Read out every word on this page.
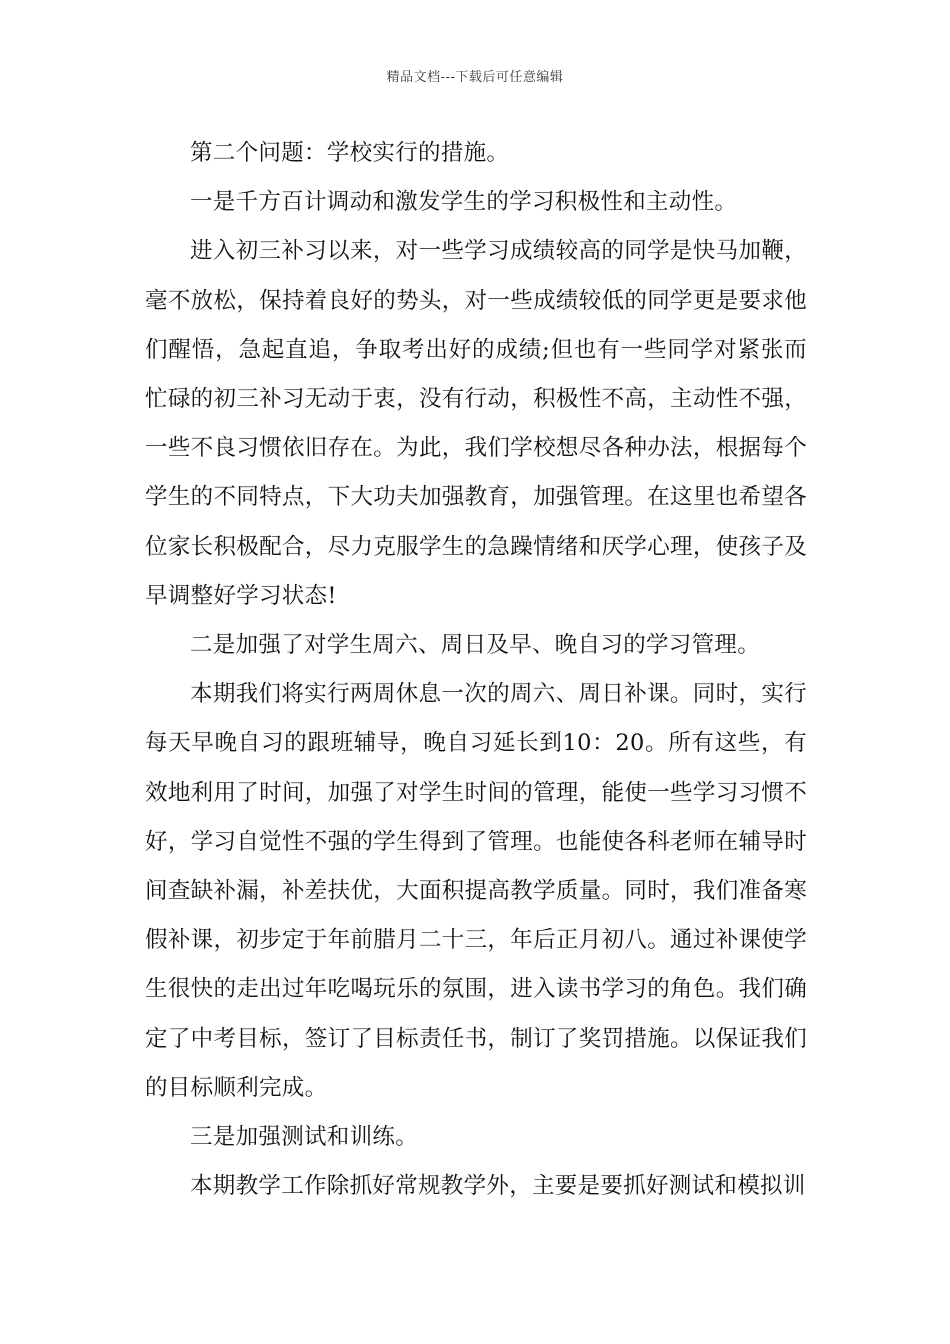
精品文档---下载后可任意编辑

第二个问题：学校实行的措施。

一是千方百计调动和激发学生的学习积极性和主动性。

进入初三补习以来，对一些学习成绩较高的同学是快马加鞭，毫不放松，保持着良好的势头，对一些成绩较低的同学更是要求他们醒悟，急起直追，争取考出好的成绩;但也有一些同学对紧张而忙碌的初三补习无动于衷，没有行动，积极性不高，主动性不强， 一些不良习惯依旧存在。为此，我们学校想尽各种办法，根据每个学生的不同特点，下大功夫加强教育，加强管理。在这里也希望各位家长积极配合，尽力克服学生的急躁情绪和厌学心理，使孩子及早调整好学习状态!

二是加强了对学生周六、周日及早、晚自习的学习管理。

本期我们将实行两周休息一次的周六、周日补课。同时，实行每天早晚自习的跟班辅导，晚自习延长到10：20。所有这些，有效地利用了时间，加强了对学生时间的管理，能使一些学习习惯不好，学习自觉性不强的学生得到了管理。也能使各科老师在辅导时间查缺补漏，补差扶优，大面积提高教学质量。同时，我们准备寒假补课，初步定于年前腊月二十三，年后正月初八。通过补课使学生很快的走出过年吃喝玩乐的氛围，进入读书学习的角色。我们确定了中考目标，签订了目标责任书，制订了奖罚措施。以保证我们的目标顺利完成。

三是加强测试和训练。

本期教学工作除抓好常规教学外，主要是要抓好测试和模拟训
